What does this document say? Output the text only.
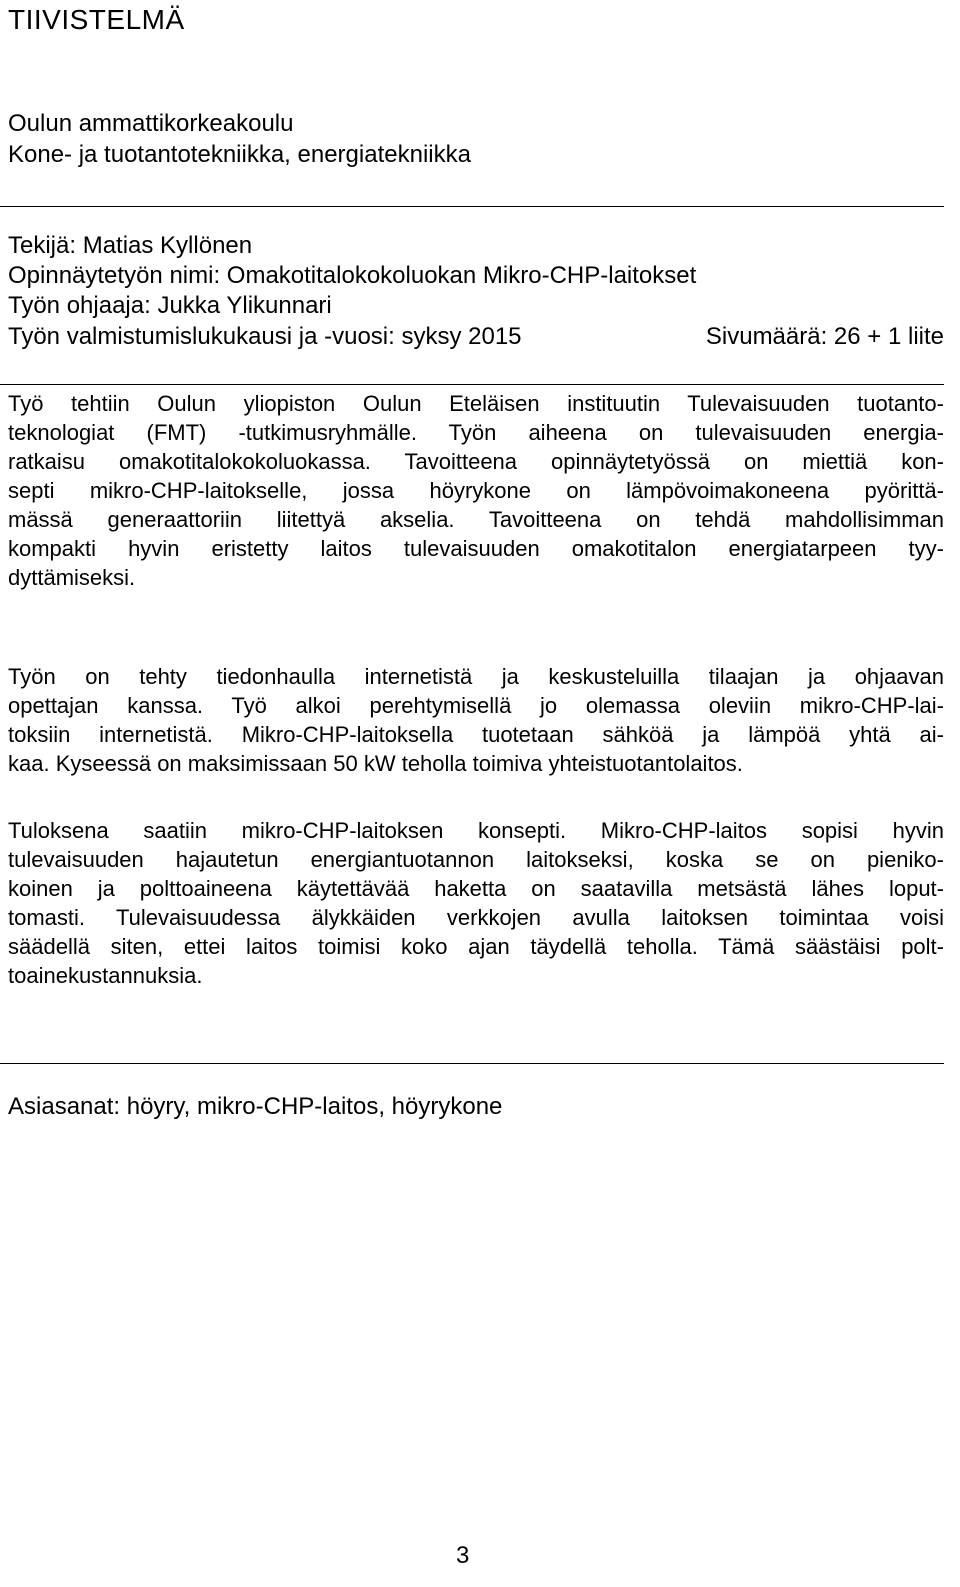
TIIVISTELMÄ
Oulun ammattikorkeakoulu
Kone- ja tuotantotekniikka, energiatekniikka
Tekijä: Matias Kyllönen
Opinnäytetyön nimi: Omakotitalokokoluokan Mikro-CHP-laitokset
Työn ohjaaja: Jukka Ylikunnari
Työn valmistumislukukausi ja -vuosi: syksy 2015	Sivumäärä: 26 + 1 liite
Työ tehtiin Oulun yliopiston Oulun Eteläisen instituutin Tulevaisuuden tuotanto-
teknologiat (FMT) -tutkimusryhmälle. Työn aiheena on tulevaisuuden energia-
ratkaisu omakotitalokokoluokassa. Tavoitteena opinnäytetyössä on miettiä kon-
septi mikro-CHP-laitokselle, jossa höyrykone on lämpövoimakoneena pyörittä-
mässä generaattoriin liitettyä akselia. Tavoitteena on tehdä mahdollisimman
kompakti hyvin eristetty laitos tulevaisuuden omakotitalon energiatarpeen tyy-
dyttämiseksi.
Työn on tehty tiedonhaulla internetistä ja keskusteluilla tilaajan ja ohjaavan
opettajan kanssa. Työ alkoi perehtymisellä jo olemassa oleviin mikro-CHP-lai-
toksiin internetistä. Mikro-CHP-laitoksella tuotetaan sähköä ja lämpöä yhtä ai-
kaa. Kyseessä on maksimissaan 50 kW teholla toimiva yhteistuotantolaitos.
Tuloksena saatiin mikro-CHP-laitoksen konsepti. Mikro-CHP-laitos sopisi hyvin
tulevaisuuden hajautetun energiantuotannon laitokseksi, koska se on pieniko-
koinen ja polttoaineena käytettävää haketta on saatavilla metsästä lähes loput-
tomasti. Tulevaisuudessa älykkäiden verkkojen avulla laitoksen toimintaa voisi
säädellä siten, ettei laitos toimisi koko ajan täydellä teholla. Tämä säästäisi polt-
toainekustannuksia.
Asiasanat: höyry, mikro-CHP-laitos, höyrykone
3
